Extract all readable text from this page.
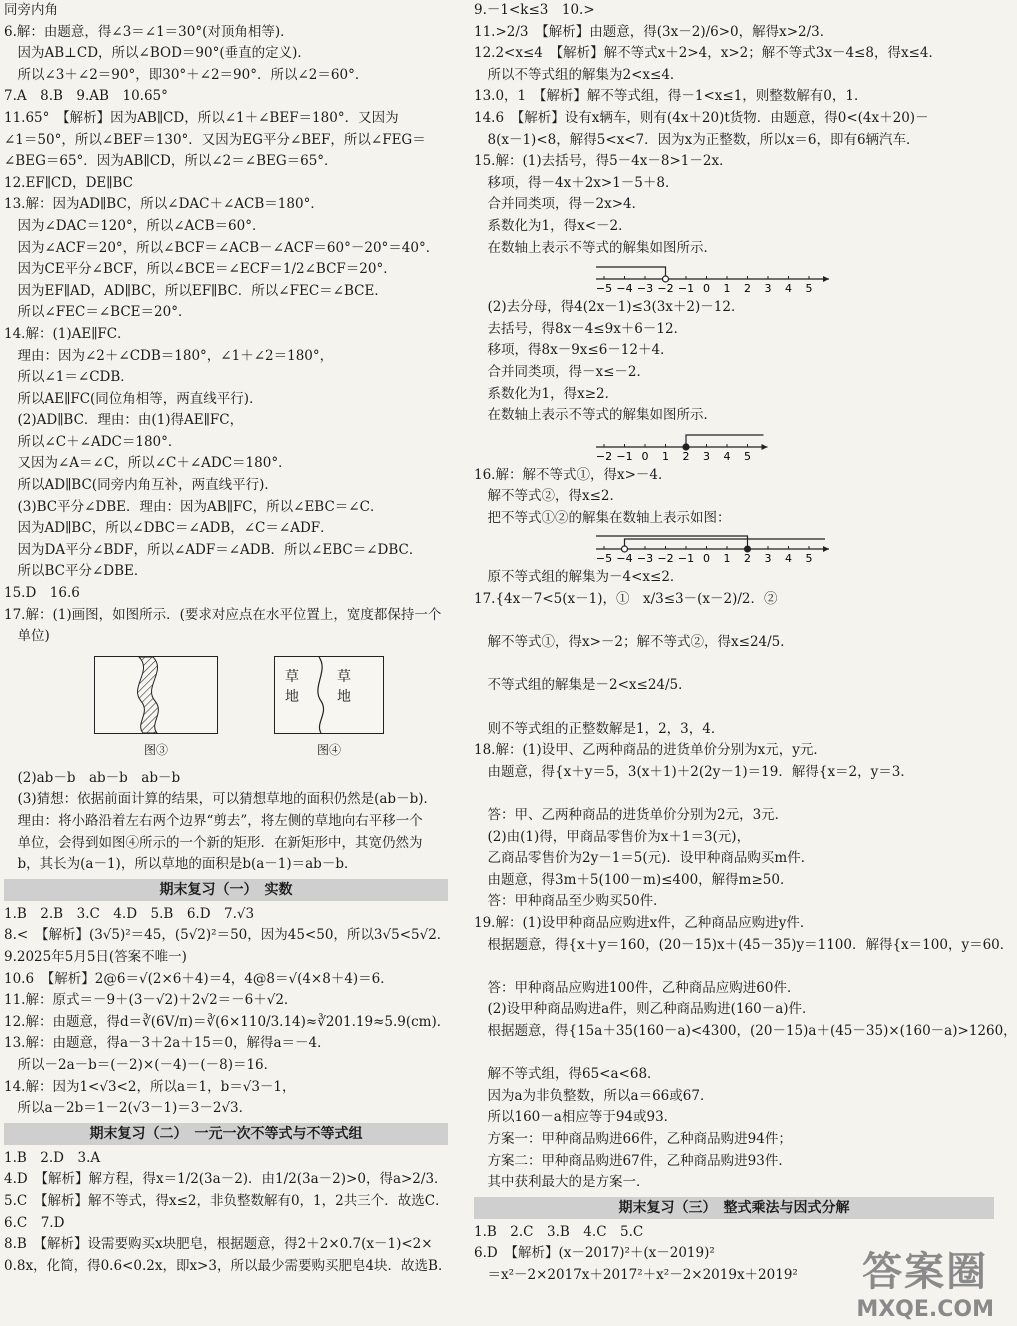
同旁内角
6.解：由题意，得∠3＝∠1＝30°(对顶角相等)．
　因为AB⊥CD，所以∠BOD＝90°(垂直的定义)．
　所以∠3＋∠2＝90°，即30°＋∠2＝90°．所以∠2＝60°．
7.A　8.B　9.AB　10.65°
11.65°　【解析】因为AB∥CD，所以∠1＋∠BEF＝180°．又因为
∠1＝50°，所以∠BEF＝130°．又因为EG平分∠BEF，所以∠FEG＝
∠BEG＝65°．因为AB∥CD，所以∠2＝∠BEG＝65°．
12.EF∥CD，DE∥BC
13.解：因为AD∥BC，所以∠DAC＋∠ACB＝180°．
　因为∠DAC＝120°，所以∠ACB＝60°．
　因为∠ACF＝20°，所以∠BCF＝∠ACB－∠ACF＝60°－20°＝40°．
　因为CE平分∠BCF，所以∠BCE＝∠ECF＝1/2∠BCF＝20°．
　因为EF∥AD，AD∥BC，所以EF∥BC．所以∠FEC＝∠BCE．
　所以∠FEC＝∠BCE＝20°．
14.解：(1)AE∥FC．
　理由：因为∠2＋∠CDB＝180°，∠1＋∠2＝180°，
　所以∠1＝∠CDB．
　所以AE∥FC(同位角相等，两直线平行)．
　(2)AD∥BC．理由：由(1)得AE∥FC，
　所以∠C＋∠ADC＝180°．
　又因为∠A＝∠C，所以∠C＋∠ADC＝180°．
　所以AD∥BC(同旁内角互补，两直线平行)．
　(3)BC平分∠DBE．理由：因为AB∥FC，所以∠EBC＝∠C．
　因为AD∥BC，所以∠DBC＝∠ADB，∠C＝∠ADF．
　因为DA平分∠BDF，所以∠ADF＝∠ADB．所以∠EBC＝∠DBC．
　所以BC平分∠DBE．
15.D　16.6
17.解：(1)画图，如图所示．(要求对应点在水平位置上，宽度都保持一个
　单位)
图③
草地
草地
图④
　(2)ab－b　ab－b　ab－b
　(3)猜想：依据前面计算的结果，可以猜想草地的面积仍然是(ab－b)．
　理由：将小路沿着左右两个边界“剪去”，将左侧的草地向右平移一个
　单位，会得到如图④所示的一个新的矩形．在新矩形中，其宽仍然为
　b，其长为(a－1)，所以草地的面积是b(a－1)＝ab－b．
期末复习（一）　实数
1.B　2.B　3.C　4.D　5.B　6.D　7.√3
8.<　【解析】(3√5)²＝45，(5√2)²＝50，因为45<50，所以3√5<5√2．
9.2025年5月5日(答案不唯一)
10.6　【解析】2@6＝√(2×6＋4)＝4，4@8＝√(4×8＋4)＝6．
11.解：原式＝－9＋(3－√2)＋2√2＝－6＋√2．
12.解：由题意，得d＝∛(6V/π)＝∛(6×110/3.14)≈∛201.19≈5.9(cm)．
13.解：由题意，得a－3＋2a＋15＝0，解得a＝－4．
　所以－2a－b＝(－2)×(－4)－(－8)＝16．
14.解：因为1<√3<2，所以a＝1，b＝√3－1，
　所以a－2b＝1－2(√3－1)＝3－2√3．
期末复习（二）　一元一次不等式与不等式组
1.B　2.D　3.A
4.D　【解析】解方程，得x＝1/2(3a－2)．由1/2(3a－2)>0，得a>2/3．
5.C　【解析】解不等式，得x≤2，非负整数解有0，1，2共三个．故选C．
6.C　7.D
8.B　【解析】设需要购买x块肥皂，根据题意，得2＋2×0.7(x－1)<2×
0.8x，化简，得0.6<0.2x，即x>3，所以最少需要购买肥皂4块．故选B．
9.－1<k≤3　10.>
11.>2/3　【解析】由题意，得(3x－2)/6>0，解得x>2/3．
12.2<x≤4　【解析】解不等式x＋2>4，x>2；解不等式3x－4≤8，得x≤4．
　所以不等式组的解集为2<x≤4．
13.0，1　【解析】解不等式组，得－1<x≤1，则整数解有0，1．
14.6　【解析】设有x辆车，则有(4x＋20)t货物．由题意，得0<(4x＋20)－
　8(x－1)<8，解得5<x<7．因为x为正整数，所以x＝6，即有6辆汽车．
15.解：(1)去括号，得5－4x－8>1－2x．
　移项，得－4x＋2x>1－5＋8．
　合并同类项，得－2x>4．
　系数化为1，得x<－2．
　在数轴上表示不等式的解集如图所示．
−5 −4 −3 −2 −1 0 1 2 3 4 5
　(2)去分母，得4(2x－1)≤3(3x＋2)－12．
　去括号，得8x－4≤9x＋6－12．
　移项，得8x－9x≤6－12＋4．
　合并同类项，得－x≤－2．
　系数化为1，得x≥2．
　在数轴上表示不等式的解集如图所示．
−2 −1 0 1 2 3 4 5
16.解：解不等式①，得x>－4．
　解不等式②，得x≤2．
　把不等式①②的解集在数轴上表示如图：
−5 −4 −3 −2 −1 0 1 2 3 4 5
　原不等式组的解集为－4<x≤2．
17.{4x－7<5(x－1)，①　x/3≤3－(x－2)/2．②

　解不等式①，得x>－2；解不等式②，得x≤24/5．

　不等式组的解集是－2<x≤24/5．

　则不等式组的正整数解是1，2，3，4．
18.解：(1)设甲、乙两种商品的进货单价分别为x元，y元．
　由题意，得{x＋y＝5，3(x＋1)＋2(2y－1)＝19．解得{x＝2，y＝3．

　答：甲、乙两种商品的进货单价分别为2元，3元．
　(2)由(1)得，甲商品零售价为x＋1＝3(元)，
　乙商品零售价为2y－1＝5(元)．设甲种商品购买m件．
　由题意，得3m＋5(100－m)≤400，解得m≥50．
　答：甲种商品至少购买50件．
19.解：(1)设甲种商品应购进x件，乙种商品应购进y件．
　根据题意，得{x＋y＝160，(20－15)x＋(45－35)y＝1100．解得{x＝100，y＝60．

　答：甲种商品应购进100件，乙种商品应购进60件．
　(2)设甲种商品购进a件，则乙种商品购进(160－a)件．
　根据题意，得{15a＋35(160－a)<4300，(20－15)a＋(45－35)×(160－a)>1260，

　解不等式组，得65<a<68．
　因为a为非负整数，所以a＝66或67．
　所以160－a相应等于94或93．
　方案一：甲种商品购进66件，乙种商品购进94件；
　方案二：甲种商品购进67件，乙种商品购进93件．
　其中获利最大的是方案一．
期末复习（三）　整式乘法与因式分解
1.B　2.C　3.B　4.C　5.C
6.D　【解析】(x－2017)²＋(x－2019)²
　＝x²－2×2017x＋2017²＋x²－2×2019x＋2019²	答案圈
MXQE.COM
